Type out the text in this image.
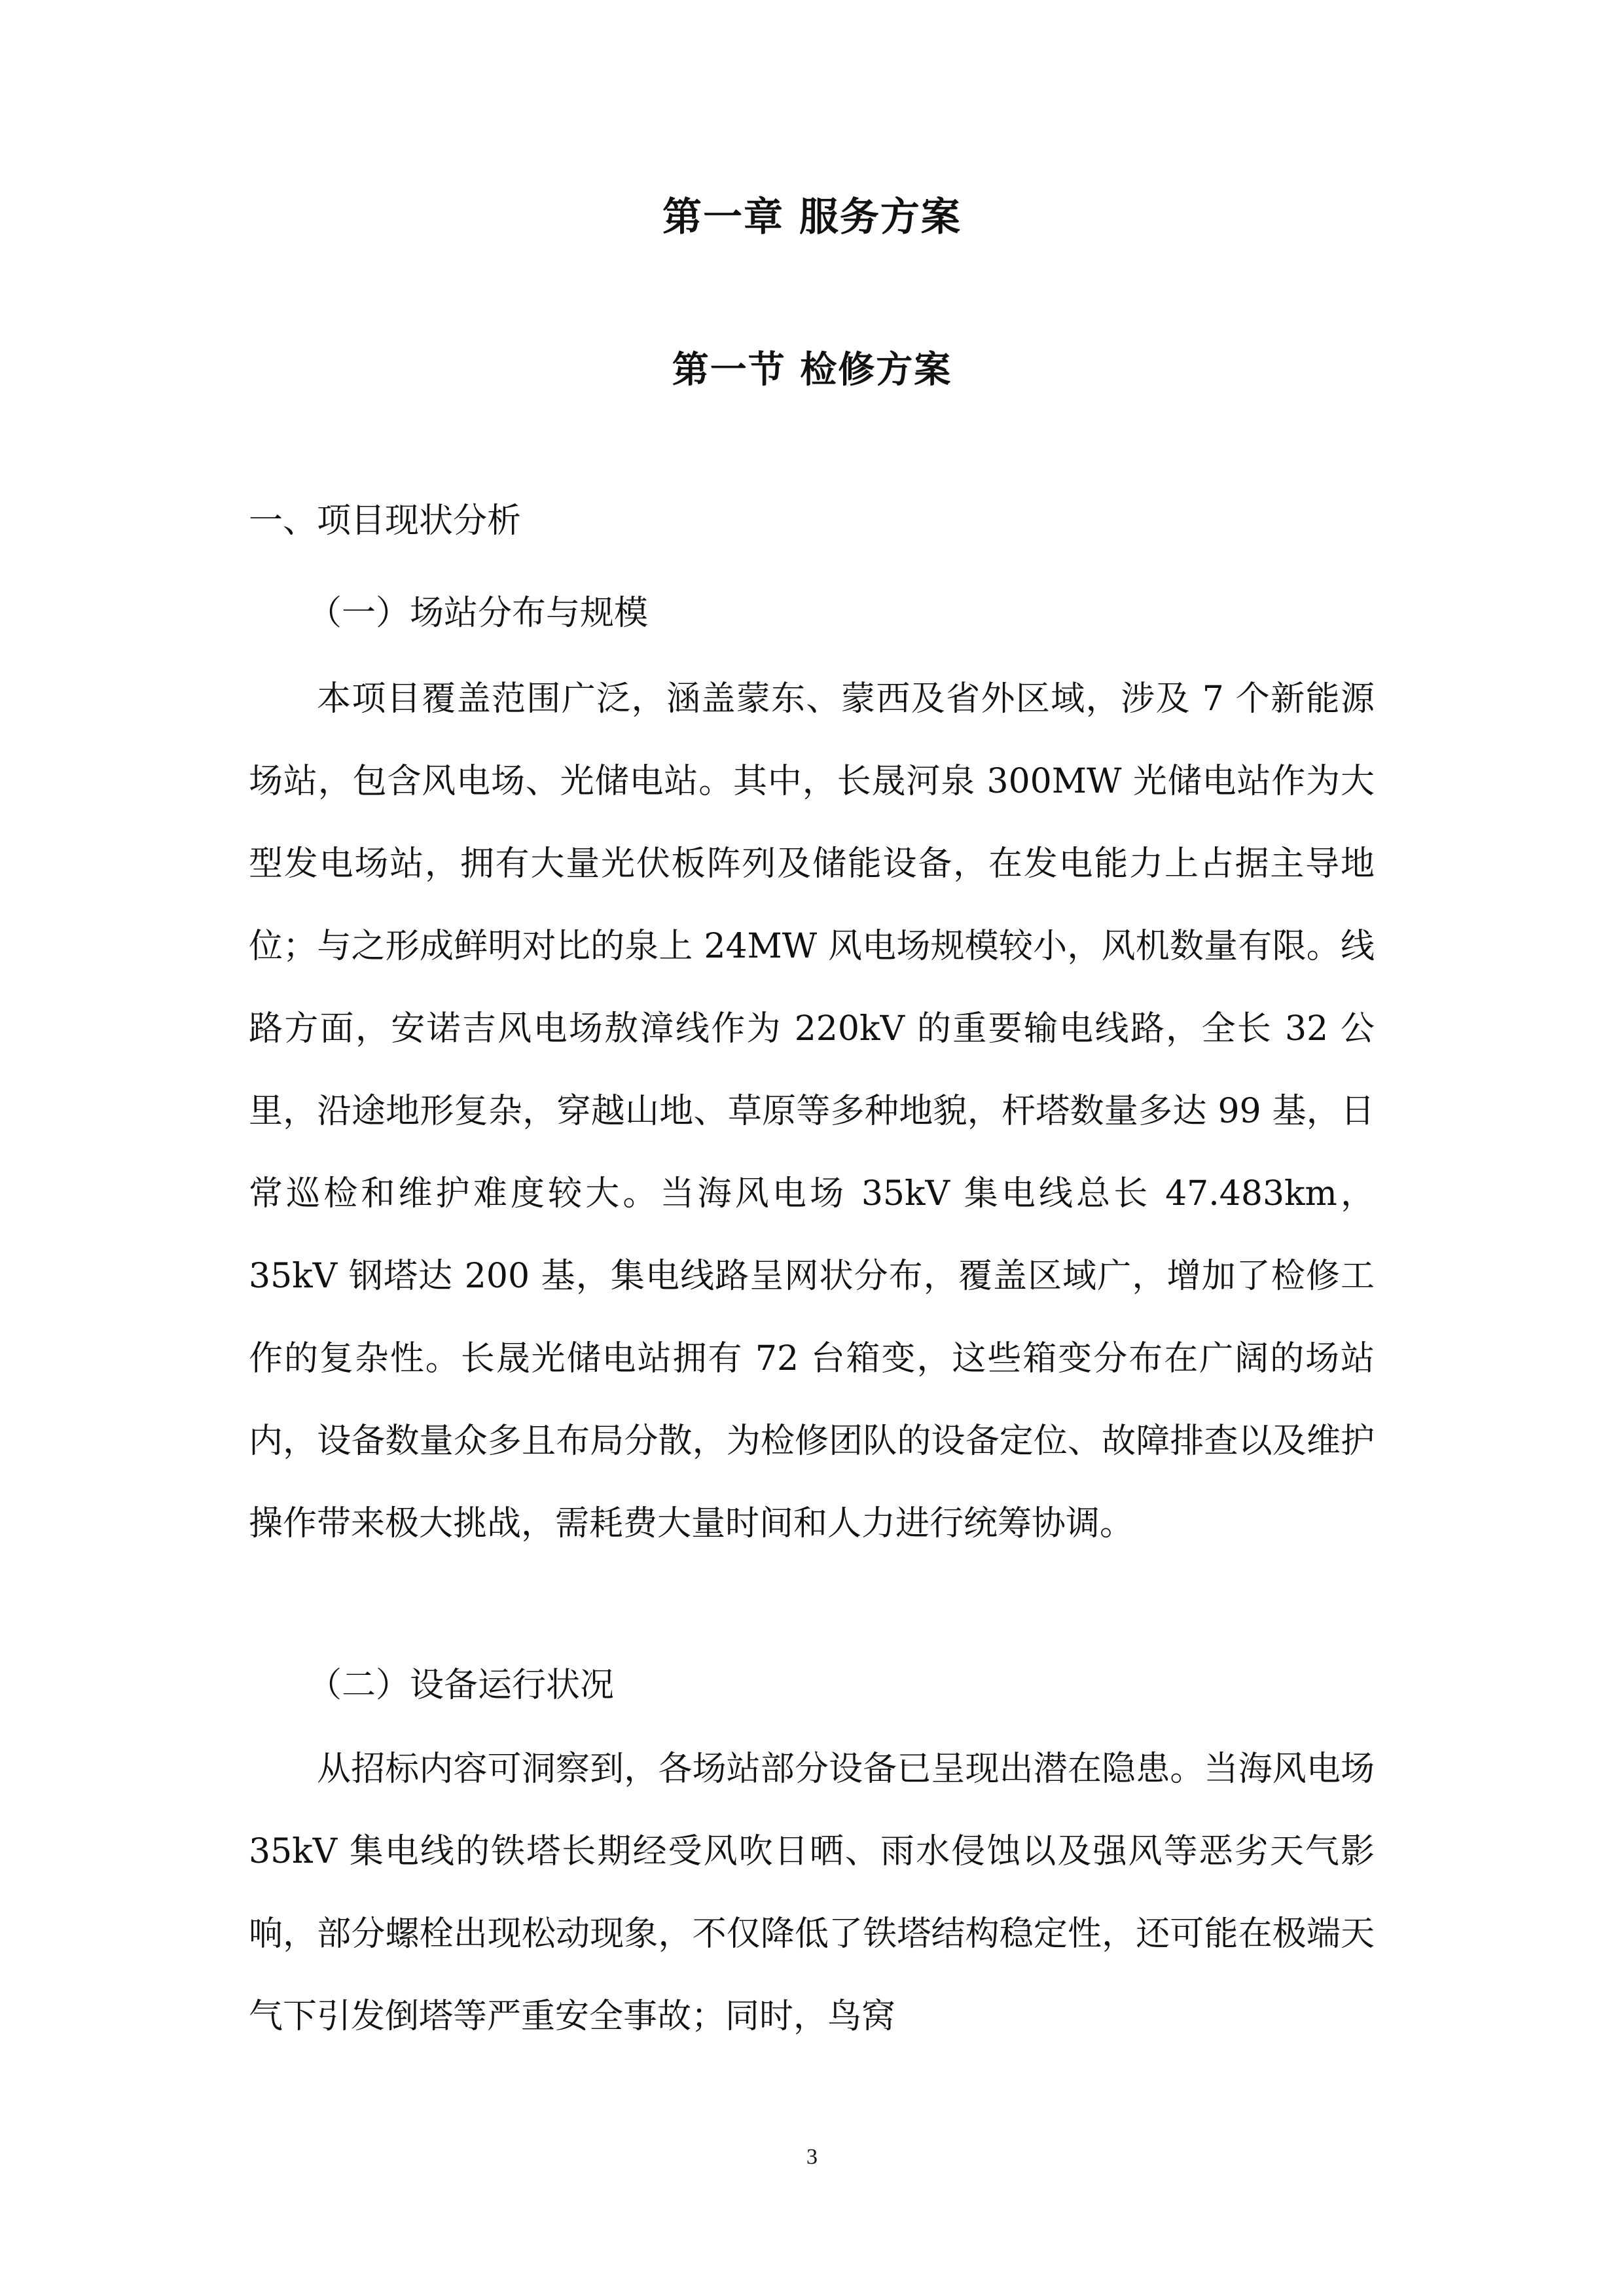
第一章 服务方案
第一节 检修方案
一、项目现状分析
（一）场站分布与规模

本项目覆盖范围广泛，涵盖蒙东、蒙西及省外区域，涉及 7 个新能源场站，包含风电场、光储电站。其中，长晟河泉 300MW 光储电站作为大型发电场站，拥有大量光伏板阵列及储能设备，在发电能力上占据主导地位；与之形成鲜明对比的泉上 24MW 风电场规模较小，风机数量有限。线路方面，安诺吉风电场敖漳线作为 220kV 的重要输电线路，全长 32 公里，沿途地形复杂，穿越山地、草原等多种地貌，杆塔数量多达 99 基，日常巡检和维护难度较大。当海风电场 35kV 集电线总长 47.483km，35kV 钢塔达 200 基，集电线路呈网状分布，覆盖区域广，增加了检修工作的复杂性。长晟光储电站拥有 72 台箱变，这些箱变分布在广阔的场站内，设备数量众多且布局分散，为检修团队的设备定位、故障排查以及维护操作带来极大挑战，需耗费大量时间和人力进行统筹协调。

（二）设备运行状况

从招标内容可洞察到，各场站部分设备已呈现出潜在隐患。当海风电场 35kV 集电线的铁塔长期经受风吹日晒、雨水侵蚀以及强风等恶劣天气影响，部分螺栓出现松动现象，不仅降低了铁塔结构稳定性，还可能在极端天气下引发倒塔等严重安全事故；同时，鸟窝

3
